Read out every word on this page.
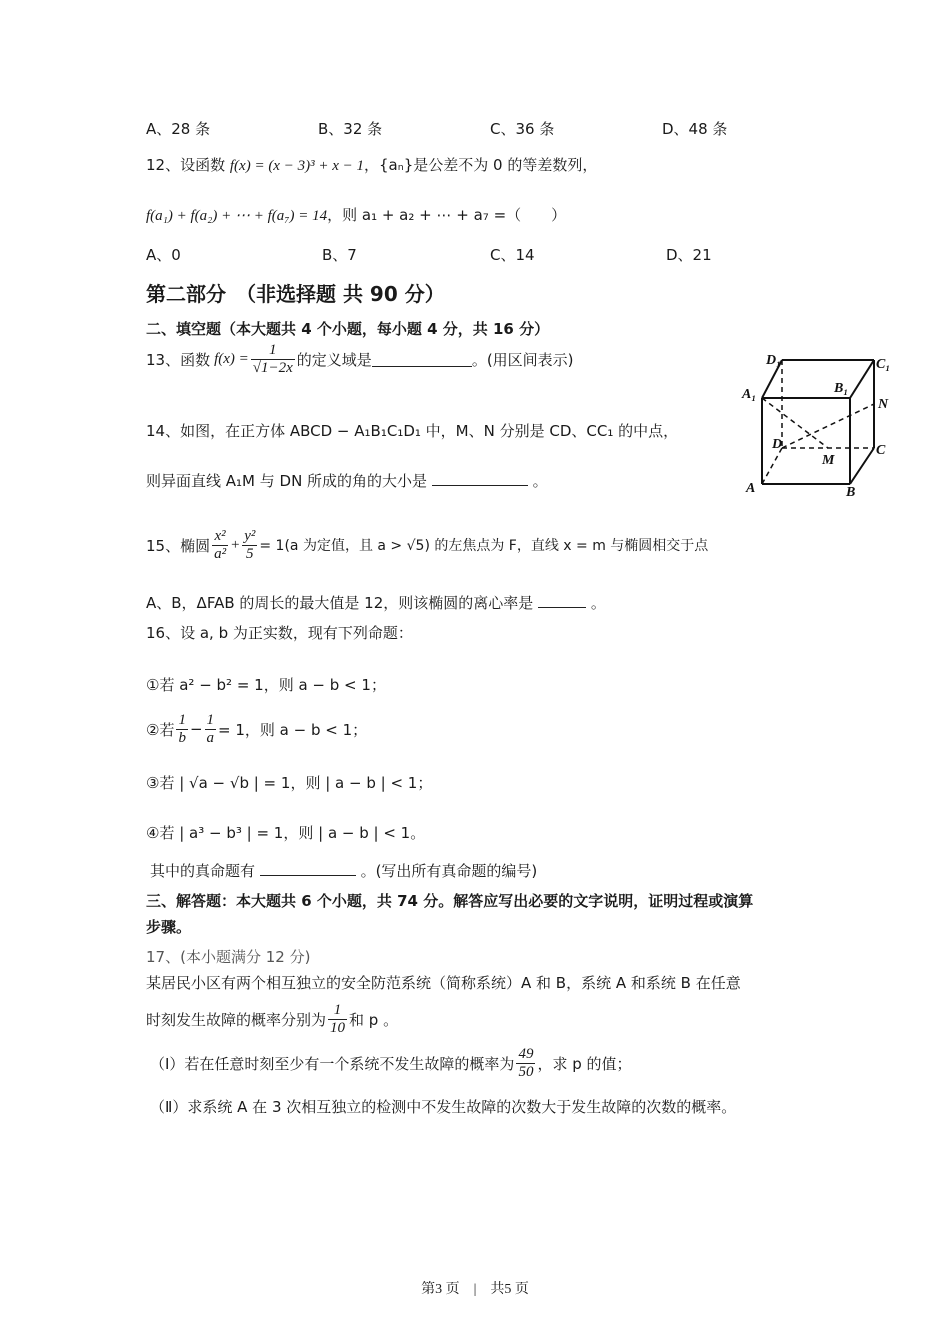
A、28 条	B、32 条	C、36 条	D、48 条
12、设函数 f(x) = (x − 3)³ + x − 1，{aₙ}是公差不为 0 的等差数列，
f(a₁) + f(a₂) + ⋯ + f(a₇) = 14，则 a₁ + a₂ + ⋯ + a₇ =（　　）
A、0	B、7	C、14	D、21
第二部分　（非选择题 共 90 分）
二、填空题（本大题共 4 个小题，每小题 4 分，共 16 分）
13、函数 $f(x) = \frac{1}{√1-2x}$ 的定义域是	。(用区间表示)
14、如图，在正方体 ABCD − A₁B₁C₁D₁ 中，M、N 分别是 CD、CC₁ 的中点，
则异面直线 A₁M 与 DN 所成的角的大小是	。
D₁	C₁
A₁	B₁
N
D	C
M
A	B
15、椭圆 $\frac{\text{x²}}{\text{a²}} + \frac{\text{y²}}{5} = 1(a$ 为定值，且 a > √5) 的左焦点为 F，直线 x = m 与椭圆相交于点
A、B，ΔFAB 的周长的最大值是 12，则该椭圆的离心率是	。
16、设 a, b 为正实数，现有下列命题：
①若 a² − b² = 1，则 a − b < 1；
②若 $\frac{1}{b} - \frac{1}{a} = 1$，则 a − b < 1；
③若 | √a − √b | = 1，则 | a − b | < 1；
④若 | a³ − b³ | = 1，则 | a − b | < 1。
其中的真命题有	。(写出所有真命题的编号)
三、解答题：本大题共 6 个小题，共 74 分。解答应写出必要的文字说明，证明过程或演算
步骤。
17、(本小题满分 12 分)
某居民小区有两个相互独立的安全防范系统（简称系统）A 和 B，系统 A 和系统 B 在任意
时刻发生故障的概率分别为 $\frac{1}{10}$ 和 p 。
（Ⅰ）若在任意时刻至少有一个系统不发生故障的概率为 $\frac{49}{50}$ ，求 p 的值；
（Ⅱ）求系统 A 在 3 次相互独立的检测中不发生故障的次数大于发生故障的次数的概率。
第3 页　|　共5 页
